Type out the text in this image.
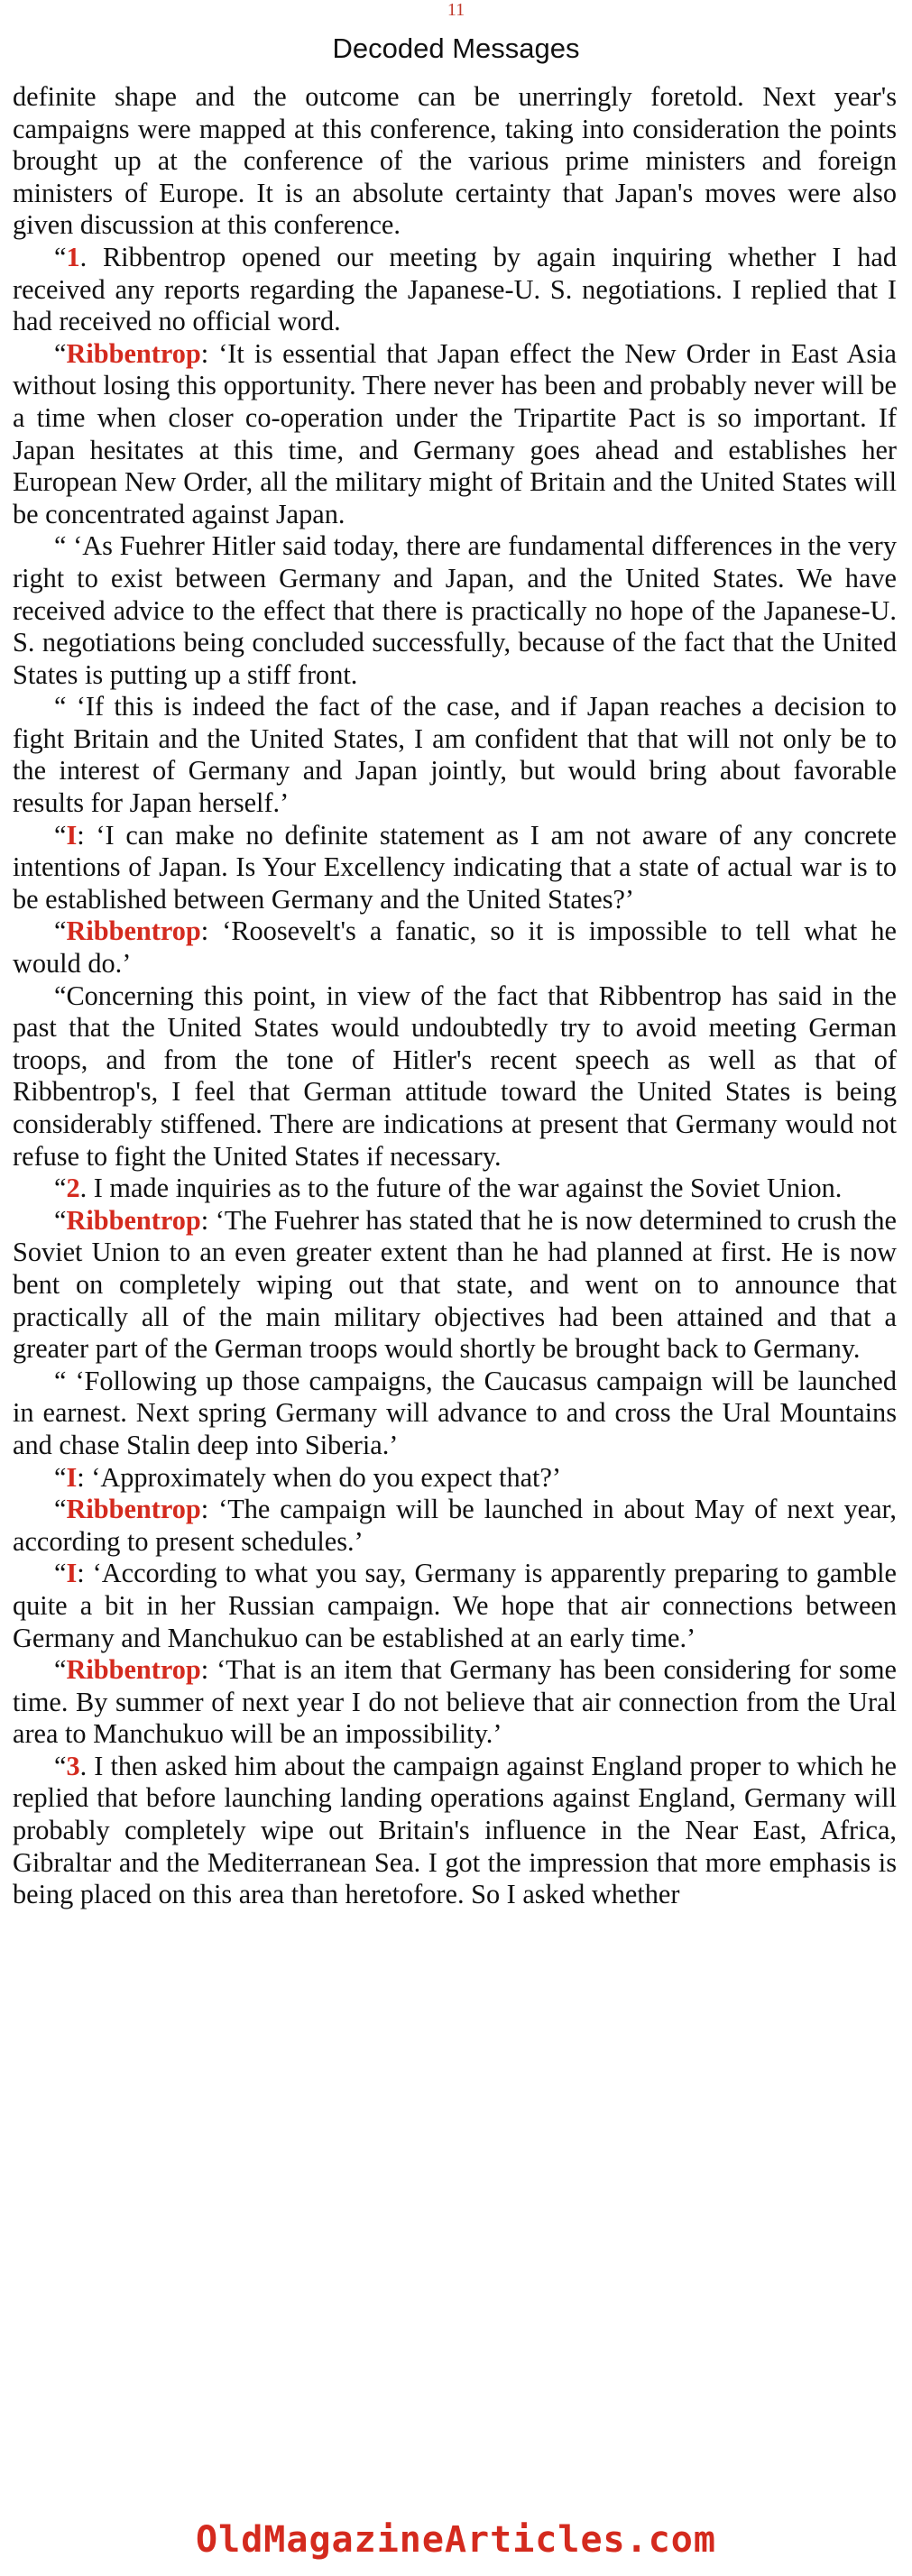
11
Decoded Messages

definite shape and the outcome can be unerringly foretold. Next year's campaigns were mapped at this conference, taking into consideration the points brought up at the conference of the various prime ministers and foreign ministers of Europe. It is an absolute certainty that Japan's moves were also given discussion at this conference.

“1. Ribbentrop opened our meeting by again inquiring whether I had received any reports regarding the Japanese-U. S. negotiations. I replied that I had received no official word.

“Ribbentrop: ‘It is essential that Japan effect the New Order in East Asia without losing this opportunity. There never has been and probably never will be a time when closer co-operation under the Tripartite Pact is so important. If Japan hesitates at this time, and Germany goes ahead and establishes her European New Order, all the military might of Britain and the United States will be concentrated against Japan.

“ ‘As Fuehrer Hitler said today, there are fundamental differences in the very right to exist between Germany and Japan, and the United States. We have received advice to the effect that there is practically no hope of the Japanese-U. S. negotiations being concluded successfully, because of the fact that the United States is putting up a stiff front.

“ ‘If this is indeed the fact of the case, and if Japan reaches a decision to fight Britain and the United States, I am confident that that will not only be to the interest of Germany and Japan jointly, but would bring about favorable results for Japan herself.’

“I: ‘I can make no definite statement as I am not aware of any concrete intentions of Japan. Is Your Excellency indicating that a state of actual war is to be established between Germany and the United States?’

“Ribbentrop: ‘Roosevelt's a fanatic, so it is impossible to tell what he would do.’

“Concerning this point, in view of the fact that Ribbentrop has said in the past that the United States would undoubtedly try to avoid meeting German troops, and from the tone of Hitler's recent speech as well as that of Ribbentrop's, I feel that German attitude toward the United States is being considerably stiffened. There are indications at present that Germany would not refuse to fight the United States if necessary.

“2. I made inquiries as to the future of the war against the Soviet Union.

“Ribbentrop: ‘The Fuehrer has stated that he is now determined to crush the Soviet Union to an even greater extent than he had planned at first. He is now bent on completely wiping out that state, and went on to announce that practically all of the main military objectives had been attained and that a greater part of the German troops would shortly be brought back to Germany.

“ ‘Following up those campaigns, the Caucasus campaign will be launched in earnest. Next spring Germany will advance to and cross the Ural Mountains and chase Stalin deep into Siberia.’

“I: ‘Approximately when do you expect that?’

“Ribbentrop: ‘The campaign will be launched in about May of next year, according to present schedules.’

“I: ‘According to what you say, Germany is apparently preparing to gamble quite a bit in her Russian campaign. We hope that air connections between Germany and Manchukuo can be established at an early time.’

“Ribbentrop: ‘That is an item that Germany has been considering for some time. By summer of next year I do not believe that air connection from the Ural area to Manchukuo will be an impossibility.’

“3. I then asked him about the campaign against England proper to which he replied that before launching landing operations against England, Germany will probably completely wipe out Britain's influence in the Near East, Africa, Gibraltar and the Mediterranean Sea. I got the impression that more emphasis is being placed on this area than heretofore. So I asked whether

OldMagazineArticles.com
